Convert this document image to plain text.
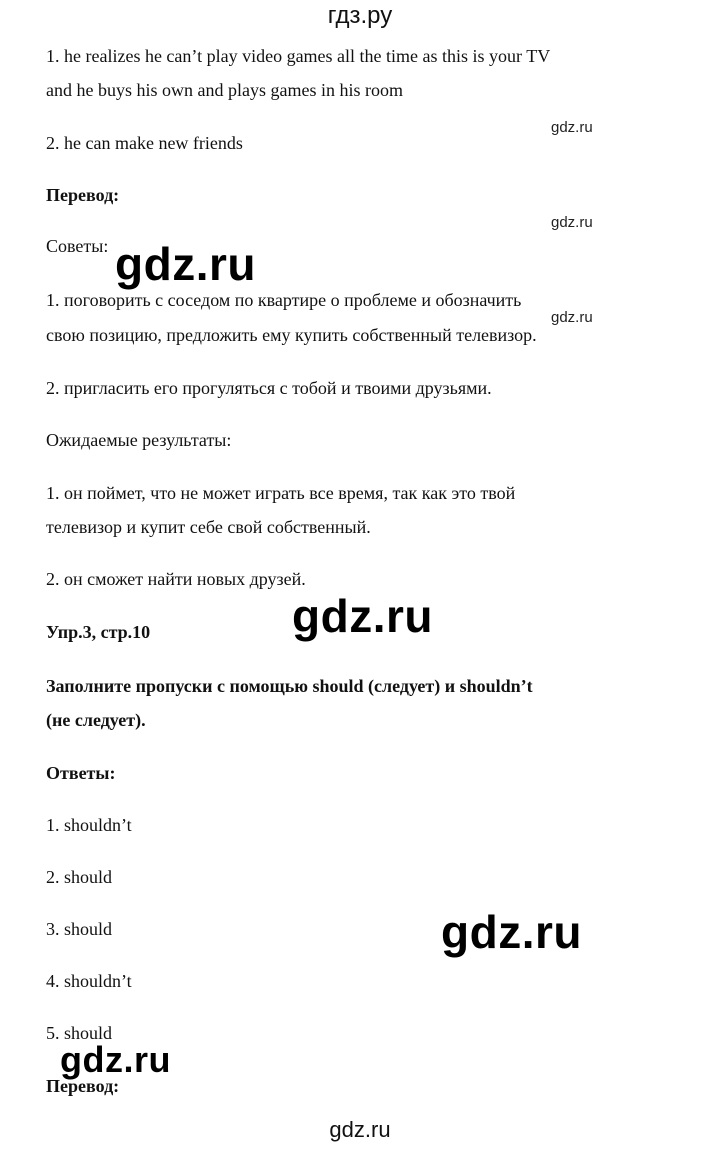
гдз.ру
1. he realizes he can’t play video games all the time as this is your TV
and he buys his own and plays games in his room
gdz.ru
2. he can make new friends
Перевод:
gdz.ru
Советы: gdz.ru
1. поговорить с соседом по квартире о проблеме и обозначить
gdz.ru
свою позицию, предложить ему купить собственный телевизор.
2. пригласить его прогуляться с тобой и твоими друзьями.
Ожидаемые результаты:
1. он поймет, что не может играть все время, так как это твой
телевизор и купит себе свой собственный.
2. он сможет найти новых друзей.
gdz.ru
Упр.3, стр.10
Заполните пропуски с помощью should (следует) и shouldn’t
(не следует).
Ответы:
1. shouldn’t
2. should
3. should	gdz.ru
4. shouldn’t
5. should
gdz.ru
Перевод:
gdz.ru
